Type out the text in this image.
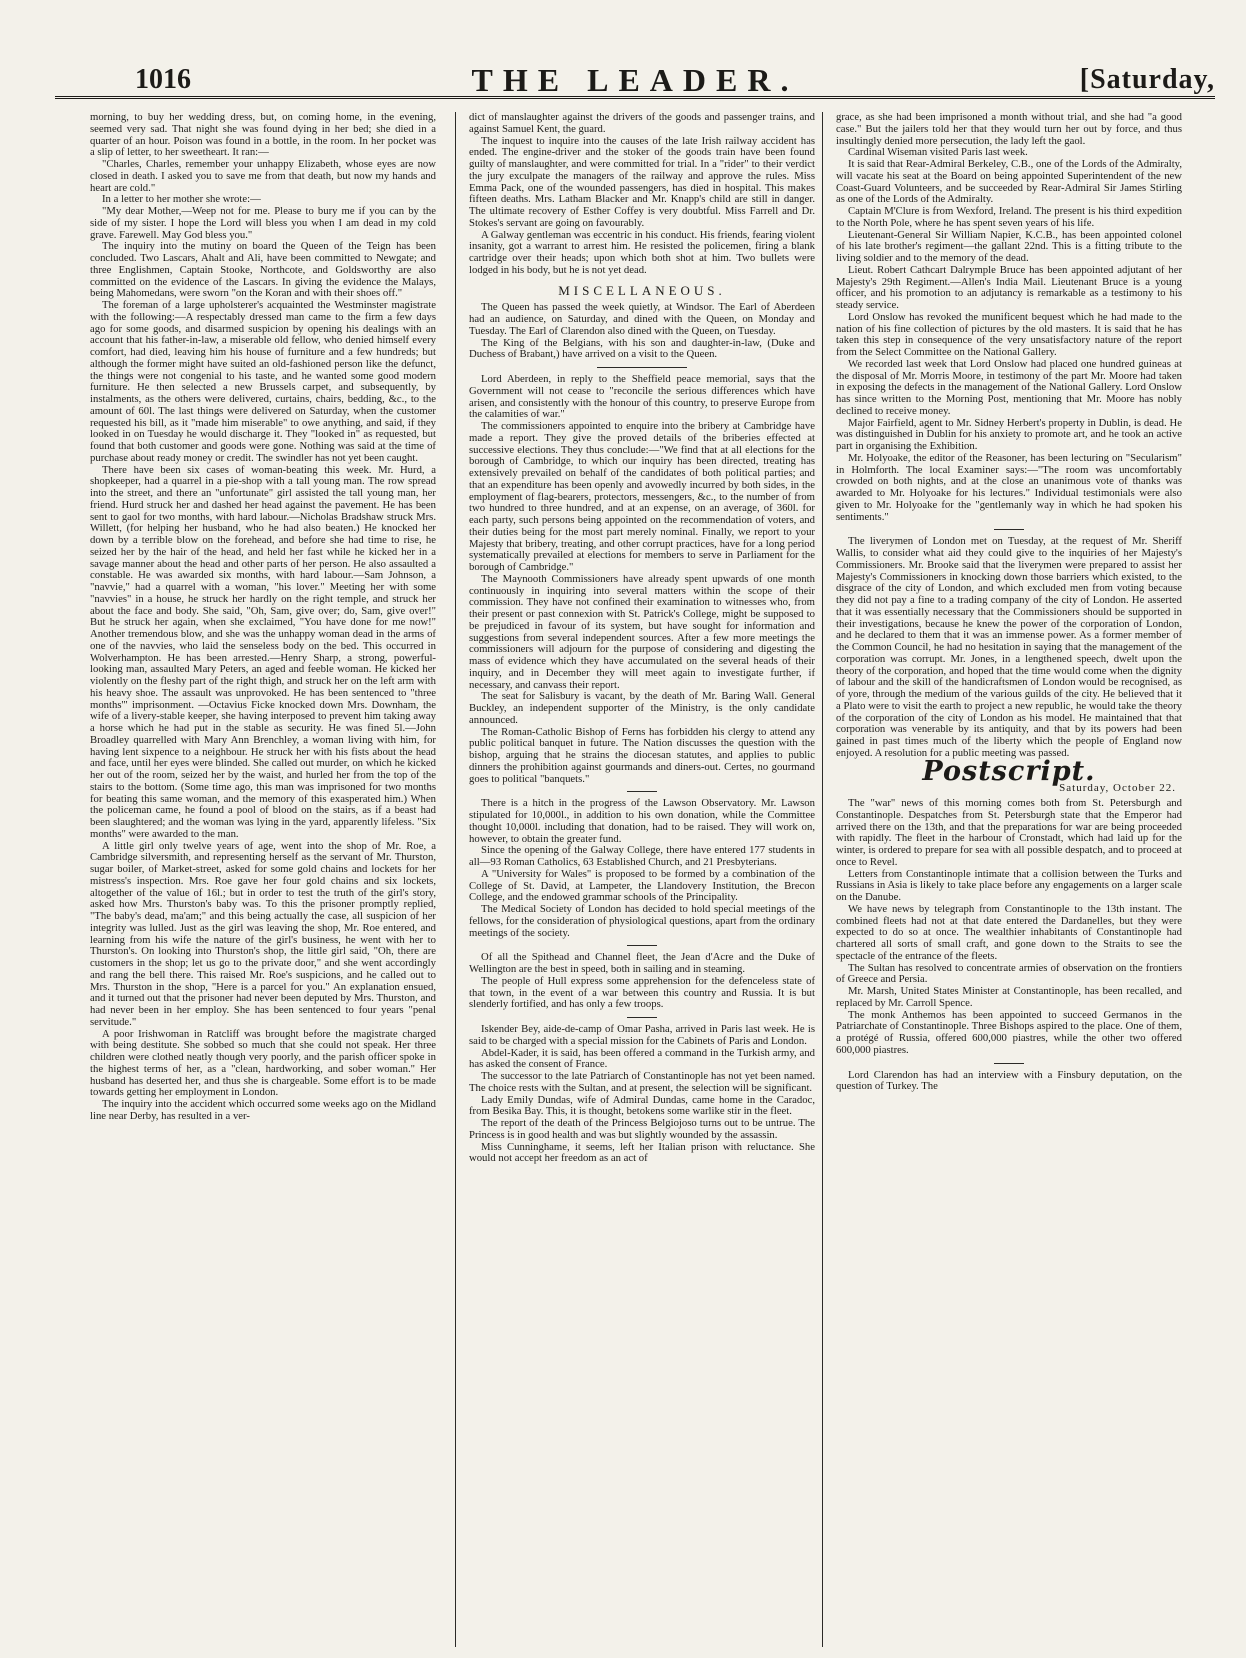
1016	THE LEADER.	[Saturday,

morning, to buy her wedding dress, but, on coming home, in the evening, seemed very sad. That night she was found dying in her bed; she died in a quarter of an hour. Poison was found in a bottle, in the room. In her pocket was a slip of letter, to her sweetheart. It ran:—

"Charles, Charles, remember your unhappy Elizabeth, whose eyes are now closed in death. I asked you to save me from that death, but now my hands and heart are cold."

In a letter to her mother she wrote:—

"My dear Mother,—Weep not for me. Please to bury me if you can by the side of my sister. I hope the Lord will bless you when I am dead in my cold grave. Farewell. May God bless you."

The inquiry into the mutiny on board the Queen of the Teign has been concluded. Two Lascars, Ahalt and Ali, have been committed to Newgate; and three Englishmen, Captain Stooke, Northcote, and Goldsworthy are also committed on the evidence of the Lascars. In giving the evidence the Malays, being Mahomedans, were sworn "on the Koran and with their shoes off."

The foreman of a large upholsterer's acquainted the Westminster magistrate with the following:—A respectably dressed man came to the firm a few days ago for some goods, and disarmed suspicion by opening his dealings with an account that his father-in-law, a miserable old fellow, who denied himself every comfort, had died, leaving him his house of furniture and a few hundreds; but although the former might have suited an old-fashioned person like the defunct, the things were not congenial to his taste, and he wanted some good modern furniture. He then selected a new Brussels carpet, and subsequently, by instalments, as the others were delivered, curtains, chairs, bedding, &c., to the amount of 60l. The last things were delivered on Saturday, when the customer requested his bill, as it "made him miserable" to owe anything, and said, if they looked in on Tuesday he would discharge it. They "looked in" as requested, but found that both customer and goods were gone. Nothing was said at the time of purchase about ready money or credit. The swindler has not yet been caught.

There have been six cases of woman-beating this week. Mr. Hurd, a shopkeeper, had a quarrel in a pie-shop with a tall young man. The row spread into the street, and there an "unfortunate" girl assisted the tall young man, her friend. Hurd struck her and dashed her head against the pavement. He has been sent to gaol for two months, with hard labour.—Nicholas Bradshaw struck Mrs. Willett, (for helping her husband, who he had also beaten.) He knocked her down by a terrible blow on the forehead, and before she had time to rise, he seized her by the hair of the head, and held her fast while he kicked her in a savage manner about the head and other parts of her person. He also assaulted a constable. He was awarded six months, with hard labour.—Sam Johnson, a "navvie," had a quarrel with a woman, "his lover." Meeting her with some "navvies" in a house, he struck her hardly on the right temple, and struck her about the face and body. She said, "Oh, Sam, give over; do, Sam, give over!" But he struck her again, when she exclaimed, "You have done for me now!" Another tremendous blow, and she was the unhappy woman dead in the arms of one of the navvies, who laid the senseless body on the bed. This occurred in Wolverhampton. He has been arrested.—Henry Sharp, a strong, powerful-looking man, assaulted Mary Peters, an aged and feeble woman. He kicked her violently on the fleshy part of the right thigh, and struck her on the left arm with his heavy shoe. The assault was unprovoked. He has been sentenced to "three months'" imprisonment. —Octavius Ficke knocked down Mrs. Downham, the wife of a livery-stable keeper, she having interposed to prevent him taking away a horse which he had put in the stable as security. He was fined 5l.—John Broadley quarrelled with Mary Ann Brenchley, a woman living with him, for having lent sixpence to a neighbour. He struck her with his fists about the head and face, until her eyes were blinded. She called out murder, on which he kicked her out of the room, seized her by the waist, and hurled her from the top of the stairs to the bottom. (Some time ago, this man was imprisoned for two months for beating this same woman, and the memory of this exasperated him.) When the policeman came, he found a pool of blood on the stairs, as if a beast had been slaughtered; and the woman was lying in the yard, apparently lifeless. "Six months" were awarded to the man.

A little girl only twelve years of age, went into the shop of Mr. Roe, a Cambridge silversmith, and representing herself as the servant of Mr. Thurston, sugar boiler, of Market-street, asked for some gold chains and lockets for her mistress's inspection. Mrs. Roe gave her four gold chains and six lockets, altogether of the value of 16l.; but in order to test the truth of the girl's story, asked how Mrs. Thurston's baby was. To this the prisoner promptly replied, "The baby's dead, ma'am;" and this being actually the case, all suspicion of her integrity was lulled. Just as the girl was leaving the shop, Mr. Roe entered, and learning from his wife the nature of the girl's business, he went with her to Thurston's. On looking into Thurston's shop, the little girl said, "Oh, there are customers in the shop; let us go to the private door," and she went accordingly and rang the bell there. This raised Mr. Roe's suspicions, and he called out to Mrs. Thurston in the shop, "Here is a parcel for you." An explanation ensued, and it turned out that the prisoner had never been deputed by Mrs. Thurston, and had never been in her employ. She has been sentenced to four years "penal servitude."

A poor Irishwoman in Ratcliff was brought before the magistrate charged with being destitute. She sobbed so much that she could not speak. Her three children were clothed neatly though very poorly, and the parish officer spoke in the highest terms of her, as a "clean, hardworking, and sober woman." Her husband has deserted her, and thus she is chargeable. Some effort is to be made towards getting her employment in London.

The inquiry into the accident which occurred some weeks ago on the Midland line near Derby, has resulted in a ver-

dict of manslaughter against the drivers of the goods and passenger trains, and against Samuel Kent, the guard.

The inquest to inquire into the causes of the late Irish railway accident has ended. The engine-driver and the stoker of the goods train have been found guilty of manslaughter, and were committed for trial. In a "rider" to their verdict the jury exculpate the managers of the railway and approve the rules. Miss Emma Pack, one of the wounded passengers, has died in hospital. This makes fifteen deaths. Mrs. Latham Blacker and Mr. Knapp's child are still in danger. The ultimate recovery of Esther Coffey is very doubtful. Miss Farrell and Dr. Stokes's servant are going on favourably.

A Galway gentleman was eccentric in his conduct. His friends, fearing violent insanity, got a warrant to arrest him. He resisted the policemen, firing a blank cartridge over their heads; upon which both shot at him. Two bullets were lodged in his body, but he is not yet dead.

MISCELLANEOUS.

The Queen has passed the week quietly, at Windsor. The Earl of Aberdeen had an audience, on Saturday, and dined with the Queen, on Monday and Tuesday. The Earl of Clarendon also dined with the Queen, on Tuesday.

The King of the Belgians, with his son and daughter-in-law, (Duke and Duchess of Brabant,) have arrived on a visit to the Queen.

Lord Aberdeen, in reply to the Sheffield peace memorial, says that the Government will not cease to "reconcile the serious differences which have arisen, and consistently with the honour of this country, to preserve Europe from the calamities of war."

The commissioners appointed to enquire into the bribery at Cambridge have made a report. They give the proved details of the briberies effected at successive elections. They thus conclude:—"We find that at all elections for the borough of Cambridge, to which our inquiry has been directed, treating has extensively prevailed on behalf of the candidates of both political parties; and that an expenditure has been openly and avowedly incurred by both sides, in the employment of flag-bearers, protectors, messengers, &c., to the number of from two hundred to three hundred, and at an expense, on an average, of 360l. for each party, such persons being appointed on the recommendation of voters, and their duties being for the most part merely nominal. Finally, we report to your Majesty that bribery, treating, and other corrupt practices, have for a long period systematically prevailed at elections for members to serve in Parliament for the borough of Cambridge."

The Maynooth Commissioners have already spent upwards of one month continuously in inquiring into several matters within the scope of their commission. They have not confined their examination to witnesses who, from their present or past connexion with St. Patrick's College, might be supposed to be prejudiced in favour of its system, but have sought for information and suggestions from several independent sources. After a few more meetings the commissioners will adjourn for the purpose of considering and digesting the mass of evidence which they have accumulated on the several heads of their inquiry, and in December they will meet again to investigate further, if necessary, and canvass their report.

The seat for Salisbury is vacant, by the death of Mr. Baring Wall. General Buckley, an independent supporter of the Ministry, is the only candidate announced.

The Roman-Catholic Bishop of Ferns has forbidden his clergy to attend any public political banquet in future. The Nation discusses the question with the bishop, arguing that he strains the diocesan statutes, and applies to public dinners the prohibition against gourmands and diners-out. Certes, no gourmand goes to political "banquets."

There is a hitch in the progress of the Lawson Observatory. Mr. Lawson stipulated for 10,000l., in addition to his own donation, while the Committee thought 10,000l. including that donation, had to be raised. They will work on, however, to obtain the greater fund.

Since the opening of the Galway College, there have entered 177 students in all—93 Roman Catholics, 63 Established Church, and 21 Presbyterians.

A "University for Wales" is proposed to be formed by a combination of the College of St. David, at Lampeter, the Llandovery Institution, the Brecon College, and the endowed grammar schools of the Principality.

The Medical Society of London has decided to hold special meetings of the fellows, for the consideration of physiological questions, apart from the ordinary meetings of the society.

Of all the Spithead and Channel fleet, the Jean d'Acre and the Duke of Wellington are the best in speed, both in sailing and in steaming.

The people of Hull express some apprehension for the defenceless state of that town, in the event of a war between this country and Russia. It is but slenderly fortified, and has only a few troops.

Iskender Bey, aide-de-camp of Omar Pasha, arrived in Paris last week. He is said to be charged with a special mission for the Cabinets of Paris and London.

Abdel-Kader, it is said, has been offered a command in the Turkish army, and has asked the consent of France.

The successor to the late Patriarch of Constantinople has not yet been named. The choice rests with the Sultan, and at present, the selection will be significant.

Lady Emily Dundas, wife of Admiral Dundas, came home in the Caradoc, from Besika Bay. This, it is thought, betokens some warlike stir in the fleet.

The report of the death of the Princess Belgiojoso turns out to be untrue. The Princess is in good health and was but slightly wounded by the assassin.

Miss Cunninghame, it seems, left her Italian prison with reluctance. She would not accept her freedom as an act of

grace, as she had been imprisoned a month without trial, and she had "a good case." But the jailers told her that they would turn her out by force, and thus insultingly denied more persecution, the lady left the gaol.

Cardinal Wiseman visited Paris last week.

It is said that Rear-Admiral Berkeley, C.B., one of the Lords of the Admiralty, will vacate his seat at the Board on being appointed Superintendent of the new Coast-Guard Volunteers, and be succeeded by Rear-Admiral Sir James Stirling as one of the Lords of the Admiralty.

Captain M'Clure is from Wexford, Ireland. The present is his third expedition to the North Pole, where he has spent seven years of his life.

Lieutenant-General Sir William Napier, K.C.B., has been appointed colonel of his late brother's regiment—the gallant 22nd. This is a fitting tribute to the living soldier and to the memory of the dead.

Lieut. Robert Cathcart Dalrymple Bruce has been appointed adjutant of her Majesty's 29th Regiment.—Allen's India Mail. Lieutenant Bruce is a young officer, and his promotion to an adjutancy is remarkable as a testimony to his steady service.

Lord Onslow has revoked the munificent bequest which he had made to the nation of his fine collection of pictures by the old masters. It is said that he has taken this step in consequence of the very unsatisfactory nature of the report from the Select Committee on the National Gallery.

We recorded last week that Lord Onslow had placed one hundred guineas at the disposal of Mr. Morris Moore, in testimony of the part Mr. Moore had taken in exposing the defects in the management of the National Gallery. Lord Onslow has since written to the Morning Post, mentioning that Mr. Moore has nobly declined to receive money.

Major Fairfield, agent to Mr. Sidney Herbert's property in Dublin, is dead. He was distinguished in Dublin for his anxiety to promote art, and he took an active part in organising the Exhibition.

Mr. Holyoake, the editor of the Reasoner, has been lecturing on "Secularism" in Holmforth. The local Examiner says:—"The room was uncomfortably crowded on both nights, and at the close an unanimous vote of thanks was awarded to Mr. Holyoake for his lectures." Individual testimonials were also given to Mr. Holyoake for the "gentlemanly way in which he had spoken his sentiments."

The liverymen of London met on Tuesday, at the request of Mr. Sheriff Wallis, to consider what aid they could give to the inquiries of her Majesty's Commissioners. Mr. Brooke said that the liverymen were prepared to assist her Majesty's Commissioners in knocking down those barriers which existed, to the disgrace of the city of London, and which excluded men from voting because they did not pay a fine to a trading company of the city of London. He asserted that it was essentially necessary that the Commissioners should be supported in their investigations, because he knew the power of the corporation of London, and he declared to them that it was an immense power. As a former member of the Common Council, he had no hesitation in saying that the management of the corporation was corrupt. Mr. Jones, in a lengthened speech, dwelt upon the theory of the corporation, and hoped that the time would come when the dignity of labour and the skill of the handicraftsmen of London would be recognised, as of yore, through the medium of the various guilds of the city. He believed that it a Plato were to visit the earth to project a new republic, he would take the theory of the corporation of the city of London as his model. He maintained that that corporation was venerable by its antiquity, and that by its powers had been gained in past times much of the liberty which the people of England now enjoyed. A resolution for a public meeting was passed.

Postscript.
Saturday, October 22.

The "war" news of this morning comes both from St. Petersburgh and Constantinople. Despatches from St. Petersburgh state that the Emperor had arrived there on the 13th, and that the preparations for war are being proceeded with rapidly. The fleet in the harbour of Cronstadt, which had laid up for the winter, is ordered to prepare for sea with all possible despatch, and to proceed at once to Revel.

Letters from Constantinople intimate that a collision between the Turks and Russians in Asia is likely to take place before any engagements on a larger scale on the Danube.

We have news by telegraph from Constantinople to the 13th instant. The combined fleets had not at that date entered the Dardanelles, but they were expected to do so at once. The wealthier inhabitants of Constantinople had chartered all sorts of small craft, and gone down to the Straits to see the spectacle of the entrance of the fleets.

The Sultan has resolved to concentrate armies of observation on the frontiers of Greece and Persia.

Mr. Marsh, United States Minister at Constantinople, has been recalled, and replaced by Mr. Carroll Spence.

The monk Anthemos has been appointed to succeed Germanos in the Patriarchate of Constantinople. Three Bishops aspired to the place. One of them, a protégé of Russia, offered 600,000 piastres, while the other two offered 600,000 piastres.

Lord Clarendon has had an interview with a Finsbury deputation, on the question of Turkey. The
